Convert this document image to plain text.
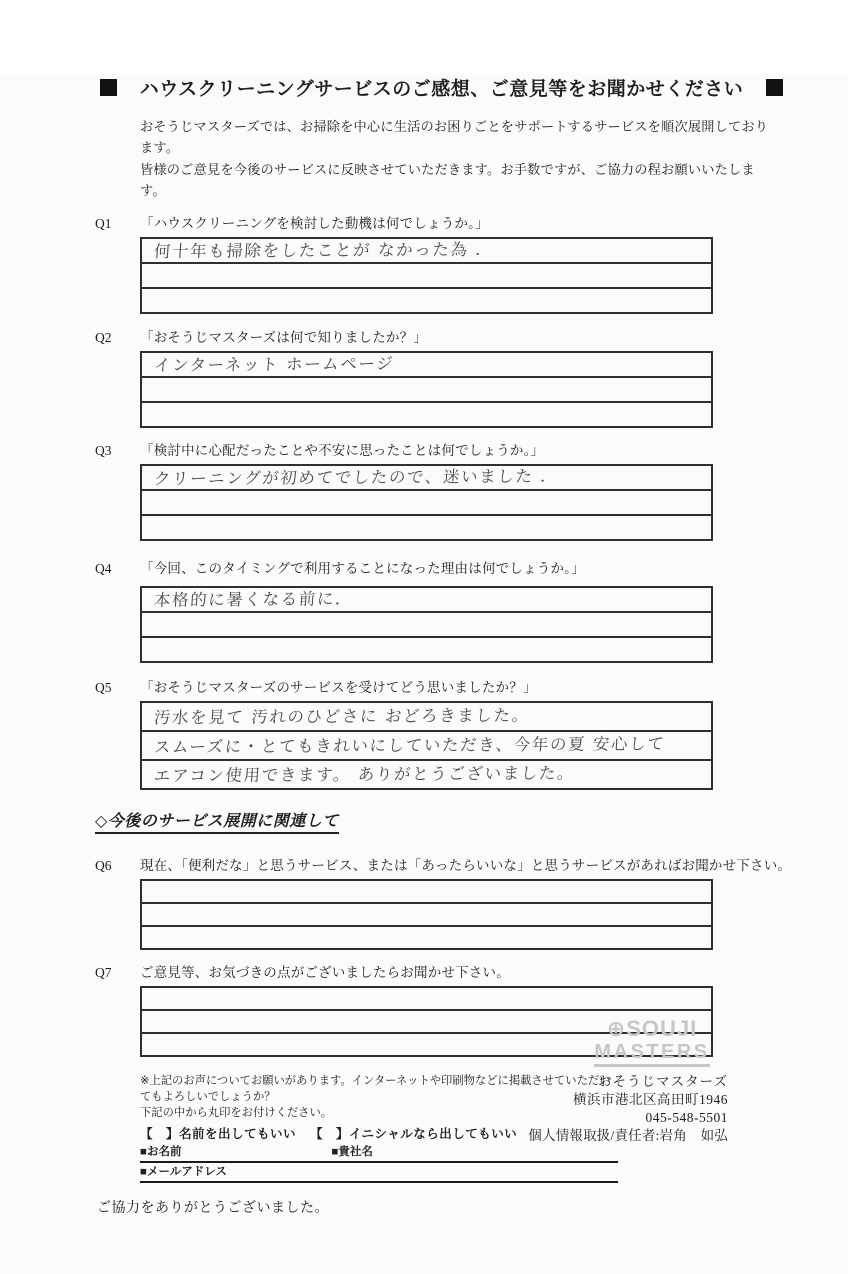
ハウスクリーニングサービスのご感想、ご意見等をお聞かせください
おそうじマスターズでは、お掃除を中心に生活のお困りごとをサポートするサービスを順次展開しております。
皆様のご意見を今後のサービスに反映させていただきます。お手数ですが、ご協力の程お願いいたします。
Q1	「ハウスクリーニングを検討した動機は何でしょうか。」
何十年も掃除をしたことが なかった為 ．
Q2	「おそうじマスターズは何で知りましたか？」
インターネット ホームページ
Q3	「検討中に心配だったことや不安に思ったことは何でしょうか。」
クリーニングが初めてでしたので、迷いました ．
Q4	「今回、このタイミングで利用することになった理由は何でしょうか。」
本格的に暑くなる前に．
Q5	「おそうじマスターズのサービスを受けてどう思いましたか？」
汚水を見て 汚れのひどさに おどろきました。
スムーズに・とてもきれいにしていただき、今年の夏 安心して
エアコン使用できます。 ありがとうございました。
◇今後のサービス展開に関連して
Q6	現在、「便利だな」と思うサービス、または「あったらいいな」と思うサービスがあればお聞かせ下さい。
Q7	ご意見等、お気づきの点がございましたらお聞かせ下さい。
※上記のお声についてお願いがあります。インターネットや印刷物などに掲載させていただいてもよろしいでしょうか？
下記の中から丸印をお付けください。
【　】名前を出してもいい 【　】イニシャルなら出してもいい
■お名前	■貴社名
■メールアドレス
ご協力をありがとうございました。
⊕SOUJI
MASTERS
おそうじマスターズ
横浜市港北区高田町1946
045-548-5501
個人情報取扱/責任者:岩角　如弘
